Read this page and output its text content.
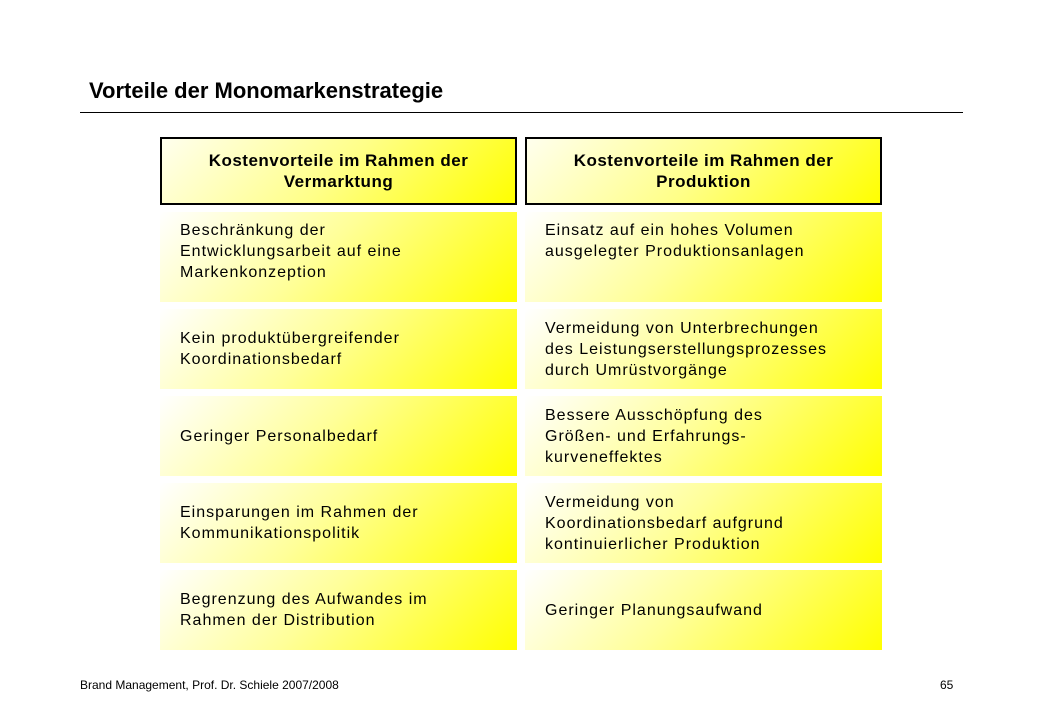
Vorteile der Monomarkenstrategie
Kostenvorteile im Rahmen der
Vermarktung
Beschränkung der
Entwicklungsarbeit auf eine
Markenkonzeption
Kein produktübergreifender
Koordinationsbedarf
Geringer Personalbedarf
Einsparungen im Rahmen der
Kommunikationspolitik
Begrenzung des Aufwandes im
Rahmen der Distribution
Kostenvorteile im Rahmen der
Produktion
Einsatz auf ein hohes Volumen
ausgelegter Produktionsanlagen
Vermeidung von Unterbrechungen
des Leistungserstellungsprozesses
durch Umrüstvorgänge
Bessere Ausschöpfung des
Größen- und Erfahrungs-
kurveneffektes
Vermeidung von
Koordinationsbedarf aufgrund
kontinuierlicher Produktion
Geringer Planungsaufwand
Brand Management, Prof. Dr. Schiele 2007/2008	65
